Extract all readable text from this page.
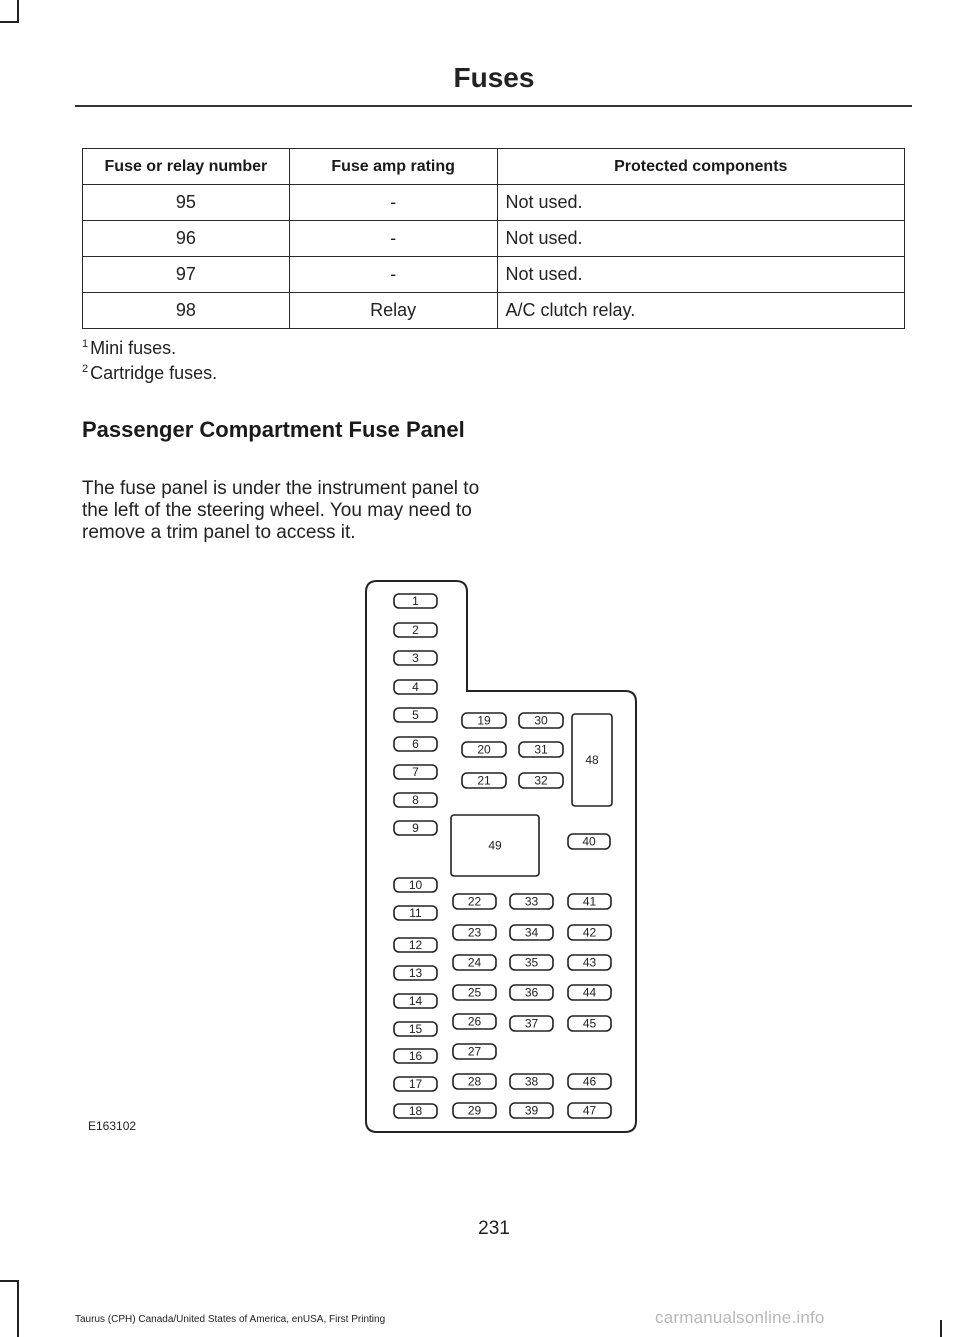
Fuses
Fuse or relay number	Fuse amp rating	Protected components
95	-	Not used.
96	-	Not used.
97	-	Not used.
98	Relay	A/C clutch relay.
$^1$ Mini fuses.
$^2$ Cartridge fuses.
Passenger Compartment Fuse Panel
The fuse panel is under the instrument panel to the left of the steering wheel. You may need to remove a trim panel to access it.
1
2
3
4
5
6
7
8
9
10
11
12
13
14
15
16
17
18
19
20
21
30
31
32
48
49	40
22
23
24
25
26
27
28
29
33
34
35
36
37
38
39
41
42
43
44
45
46
47
E163102
231
Taurus (CPH) Canada/United States of America, enUSA, First Printing	carmanualsonline.info
